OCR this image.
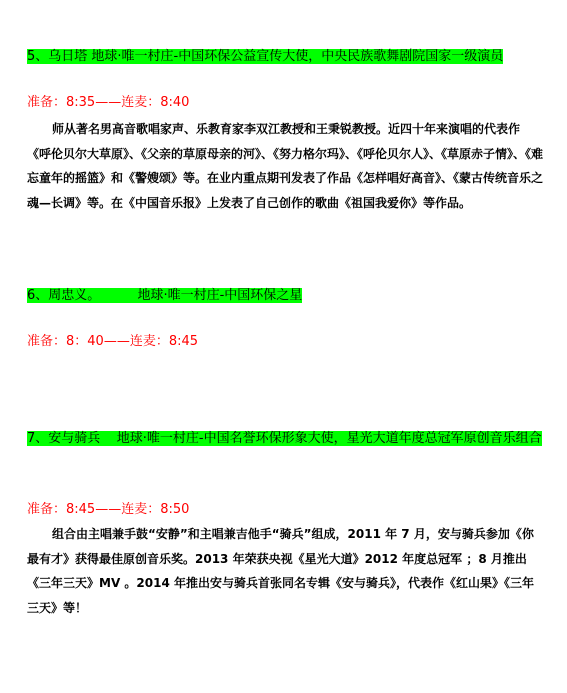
5、乌日塔 地球·唯一村庄-中国环保公益宣传大使，中央民族歌舞剧院国家一级演员
准备：8:35——连麦：8:40

师从著名男高音歌唱家声、乐教育家李双江教授和王秉锐教授。近四十年来演唱的代表作《呼伦贝尔大草原》、《父亲的草原母亲的河》、《努力格尔玛》、《呼伦贝尔人》、《草原赤子情》、《难忘童年的摇篮》和《警嫂颂》等。在业内重点期刊发表了作品《怎样唱好高音》、《蒙古传统音乐之魂—长调》等。在《中国音乐报》上发表了自己创作的歌曲《祖国我爱你》等作品。

6、周忠义。         地球·唯一村庄-中国环保之星
准备：8：40——连麦：8:45
7、安与骑兵    地球·唯一村庄-中国名誉环保形象大使，星光大道年度总冠军原创音乐组合
准备：8:45——连麦：8:50

组合由主唱兼手鼓“安静”和主唱兼吉他手“骑兵”组成，2011 年 7 月，安与骑兵参加《你最有才》获得最佳原创音乐奖。2013 年荣获央视《星光大道》2012 年度总冠军 ；8 月推出《三年三天》MV 。2014 年推出安与骑兵首张同名专辑《安与骑兵》，代表作《红山果》《三年三天》等！
